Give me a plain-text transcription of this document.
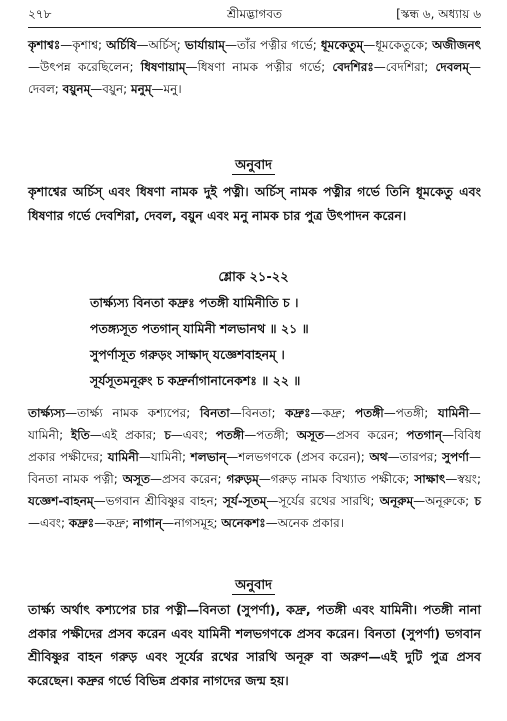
২৭৮	শ্রীমদ্ভাগবত	[স্কন্ধ ৬, অধ্যায় ৬
কৃশাশ্বঃ—কৃশাশ্ব; অর্চিষি—অর্চিস্‌; ভার্যায়াম্‌—তাঁর পত্নীর গর্ভে; ধূমকেতুম্‌—ধূমকেতুকে; অজীজনৎ—উৎপন্ন করেছিলেন; ধিষণায়াম্‌—ধিষণা নামক পত্নীর গর্ভে; বেদশিরঃ—বেদশিরা; দেবলম্‌—দেবল; বয়ুনম্‌—বয়ুন; মনুম্‌—মনু।
অনুবাদ
কৃশাশ্বের অর্চিস্‌ এবং ধিষণা নামক দুই পত্নী। অর্চিস্‌ নামক পত্নীর গর্ভে তিনি ধূমকেতু এবং ধিষণার গর্ভে দেবশিরা, দেবল, বয়ুন এবং মনু নামক চার পুত্র উৎপাদন করেন।
শ্লোক ২১-২২
তার্ক্ষ্যস্য বিনতা কদ্রুঃ পতঙ্গী যামিনীতি চ ।
পতঙ্গ্যসূত পতগান্‌ যামিনী শলভানথ ॥ ২১ ॥
সুপর্ণাসূত গরুড়ং সাক্ষাদ্‌ যজ্ঞেশবাহনম্‌ ।
সূর্যসূতমনূরুং চ কদ্রুর্নাগানানেকশঃ ॥ ২২ ॥
তার্ক্ষ্যস্য—তার্ক্ষ্য নামক কশ্যপের; বিনতা—বিনতা; কদ্রুঃ—কদ্রু; পতঙ্গী—পতঙ্গী; যামিনী—যামিনী; ইতি—এই প্রকার; চ—এবং; পতঙ্গী—পতঙ্গী; অসূত—প্রসব করেন; পতগান্‌—বিবিধ প্রকার পক্ষীদের; যামিনী—যামিনী; শলভান্‌—শলভগণকে (প্রসব করেন); অথ—তারপর; সুপর্ণা—বিনতা নামক পত্নী; অসূত—প্রসব করেন; গরুড়ম্‌—গরুড় নামক বিখ্যাত পক্ষীকে; সাক্ষাৎ—স্বয়ং; যজ্ঞেশ-বাহনম্‌—ভগবান শ্রীবিষ্ণুর বাহন; সূর্য-সূতম্‌—সূর্যের রথের সারথি; অনূরুম্‌—অনূরুকে; চ—এবং; কদ্রুঃ—কদ্রু; নাগান্‌—নাগসমূহ; অনেকশঃ—অনেক প্রকার।
অনুবাদ
তার্ক্ষ্য অর্থাৎ কশ্যপের চার পত্নী—বিনতা (সুপর্ণা), কদ্রু, পতঙ্গী এবং যামিনী। পতঙ্গী নানা প্রকার পক্ষীদের প্রসব করেন এবং যামিনী শলভগণকে প্রসব করেন। বিনতা (সুপর্ণা) ভগবান শ্রীবিষ্ণুর বাহন গরুড় এবং সূর্যের রথের সারথি অনূরু বা অরুণ—এই দুটি পুত্র প্রসব করেছেন। কদ্রুর গর্ভে বিভিন্ন প্রকার নাগদের জন্ম হয়।
